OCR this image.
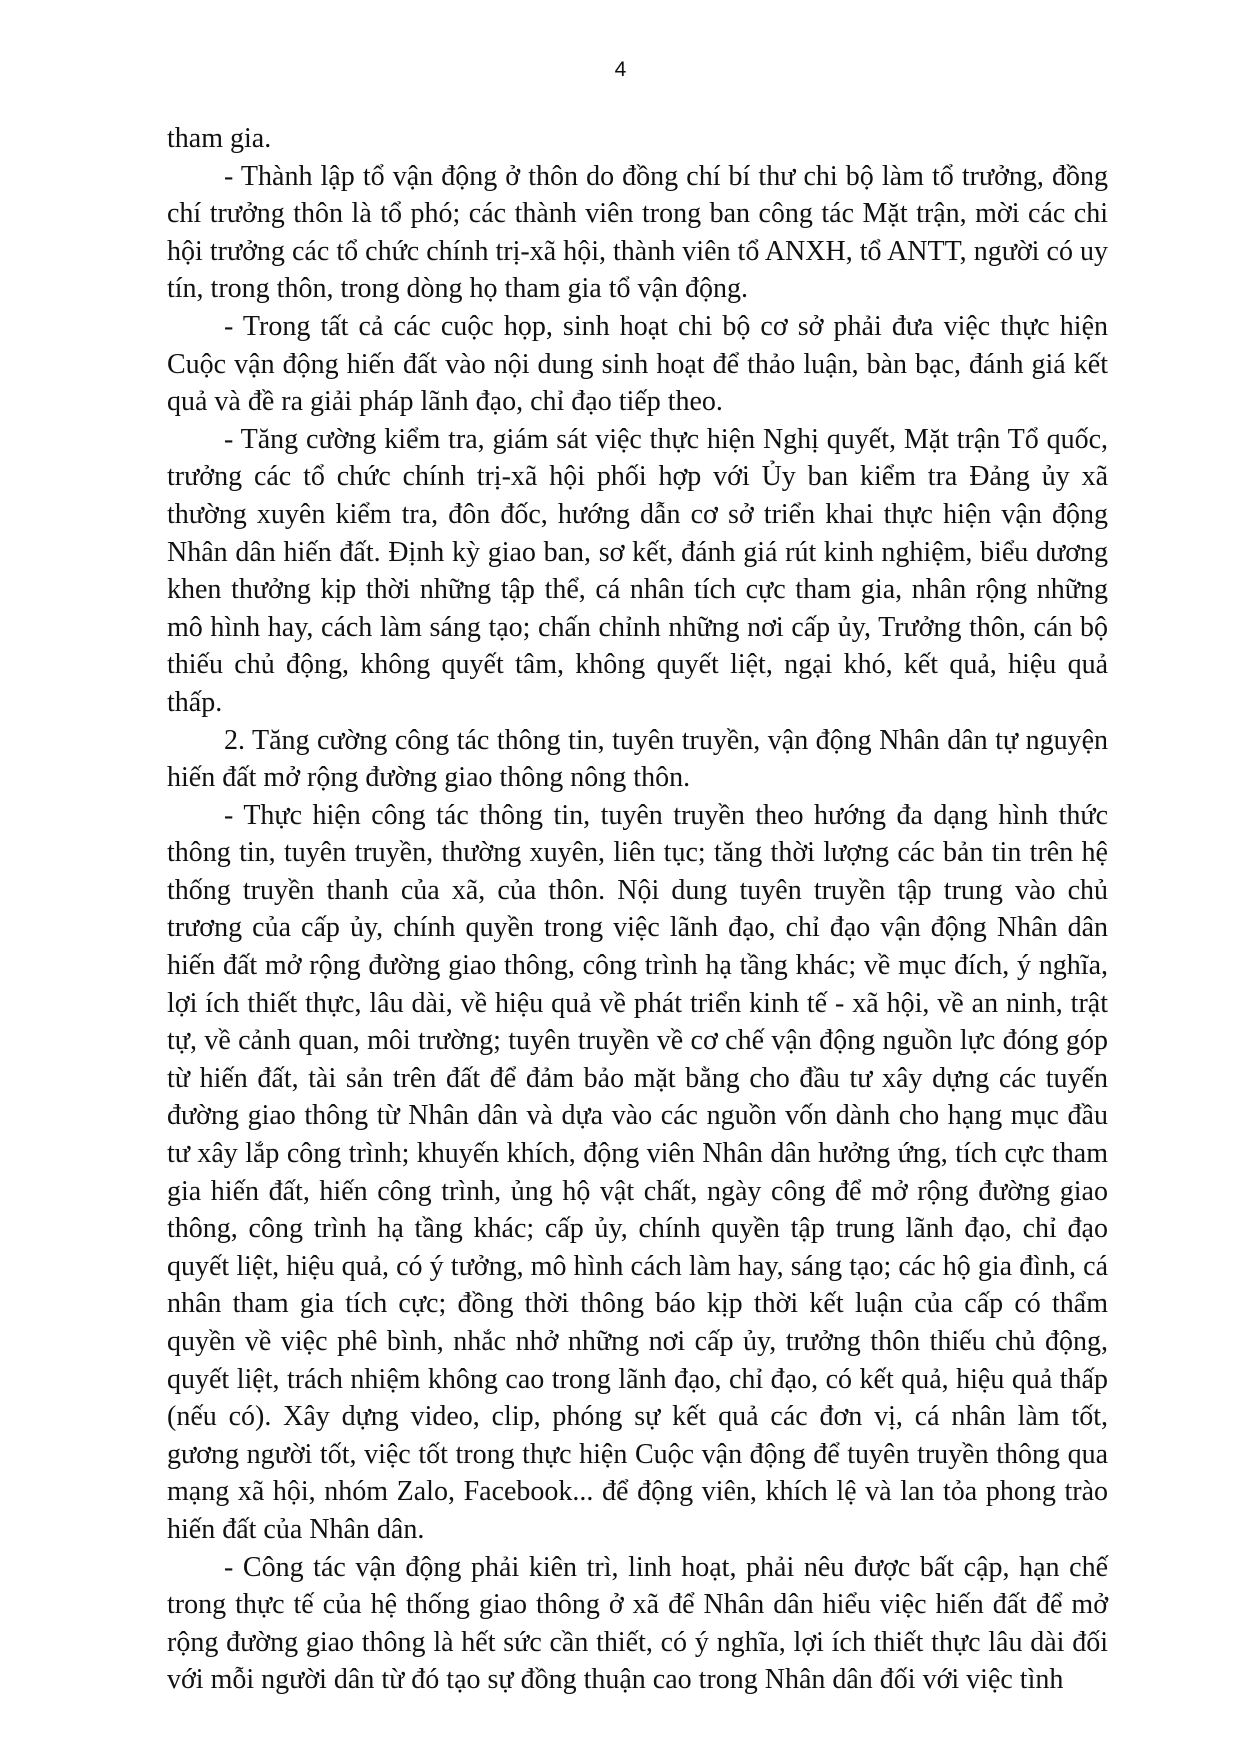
4

tham gia.

- Thành lập tổ vận động ở thôn do đồng chí bí thư chi bộ làm tổ trưởng, đồng chí trưởng thôn là tổ phó; các thành viên trong ban công tác Mặt trận, mời các chi hội trưởng các tổ chức chính trị-xã hội, thành viên tổ ANXH, tổ ANTT, người có uy tín, trong thôn, trong dòng họ tham gia tổ vận động.

- Trong tất cả các cuộc họp, sinh hoạt chi bộ cơ sở phải đưa việc thực hiện Cuộc vận động hiến đất vào nội dung sinh hoạt để thảo luận, bàn bạc, đánh giá kết quả và đề ra giải pháp lãnh đạo, chỉ đạo tiếp theo.

- Tăng cường kiểm tra, giám sát việc thực hiện Nghị quyết, Mặt trận Tổ quốc, trưởng các tổ chức chính trị-xã hội phối hợp với Ủy ban kiểm tra Đảng ủy xã thường xuyên kiểm tra, đôn đốc, hướng dẫn cơ sở triển khai thực hiện vận động Nhân dân hiến đất. Định kỳ giao ban, sơ kết, đánh giá rút kinh nghiệm, biểu dương khen thưởng kịp thời những tập thể, cá nhân tích cực tham gia, nhân rộng những mô hình hay, cách làm sáng tạo; chấn chỉnh những nơi cấp ủy, Trưởng thôn, cán bộ thiếu chủ động, không quyết tâm, không quyết liệt, ngại khó, kết quả, hiệu quả thấp.

2. Tăng cường công tác thông tin, tuyên truyền, vận động Nhân dân tự nguyện hiến đất mở rộng đường giao thông nông thôn.

- Thực hiện công tác thông tin, tuyên truyền theo hướng đa dạng hình thức thông tin, tuyên truyền, thường xuyên, liên tục; tăng thời lượng các bản tin trên hệ thống truyền thanh của xã, của thôn. Nội dung tuyên truyền tập trung vào chủ trương của cấp ủy, chính quyền trong việc lãnh đạo, chỉ đạo vận động Nhân dân hiến đất mở rộng đường giao thông, công trình hạ tầng khác; về mục đích, ý nghĩa, lợi ích thiết thực, lâu dài, về hiệu quả về phát triển kinh tế - xã hội, về an ninh, trật tự, về cảnh quan, môi trường; tuyên truyền về cơ chế vận động nguồn lực đóng góp từ hiến đất, tài sản trên đất để đảm bảo mặt bằng cho đầu tư xây dựng các tuyến đường giao thông từ Nhân dân và dựa vào các nguồn vốn dành cho hạng mục đầu tư xây lắp công trình; khuyến khích, động viên Nhân dân hưởng ứng, tích cực tham gia hiến đất, hiến công trình, ủng hộ vật chất, ngày công để mở rộng đường giao thông, công trình hạ tầng khác; cấp ủy, chính quyền tập trung lãnh đạo, chỉ đạo quyết liệt, hiệu quả, có ý tưởng, mô hình cách làm hay, sáng tạo; các hộ gia đình, cá nhân tham gia tích cực; đồng thời thông báo kịp thời kết luận của cấp có thẩm quyền về việc phê bình, nhắc nhở những nơi cấp ủy, trưởng thôn thiếu chủ động, quyết liệt, trách nhiệm không cao trong lãnh đạo, chỉ đạo, có kết quả, hiệu quả thấp (nếu có). Xây dựng video, clip, phóng sự kết quả các đơn vị, cá nhân làm tốt, gương người tốt, việc tốt trong thực hiện Cuộc vận động để tuyên truyền thông qua mạng xã hội, nhóm Zalo, Facebook... để động viên, khích lệ và lan tỏa phong trào hiến đất của Nhân dân.

- Công tác vận động phải kiên trì, linh hoạt, phải nêu được bất cập, hạn chế trong thực tế của hệ thống giao thông ở xã để Nhân dân hiểu việc hiến đất để mở rộng đường giao thông là hết sức cần thiết, có ý nghĩa, lợi ích thiết thực lâu dài đối với mỗi người dân từ đó tạo sự đồng thuận cao trong Nhân dân đối với việc tình
